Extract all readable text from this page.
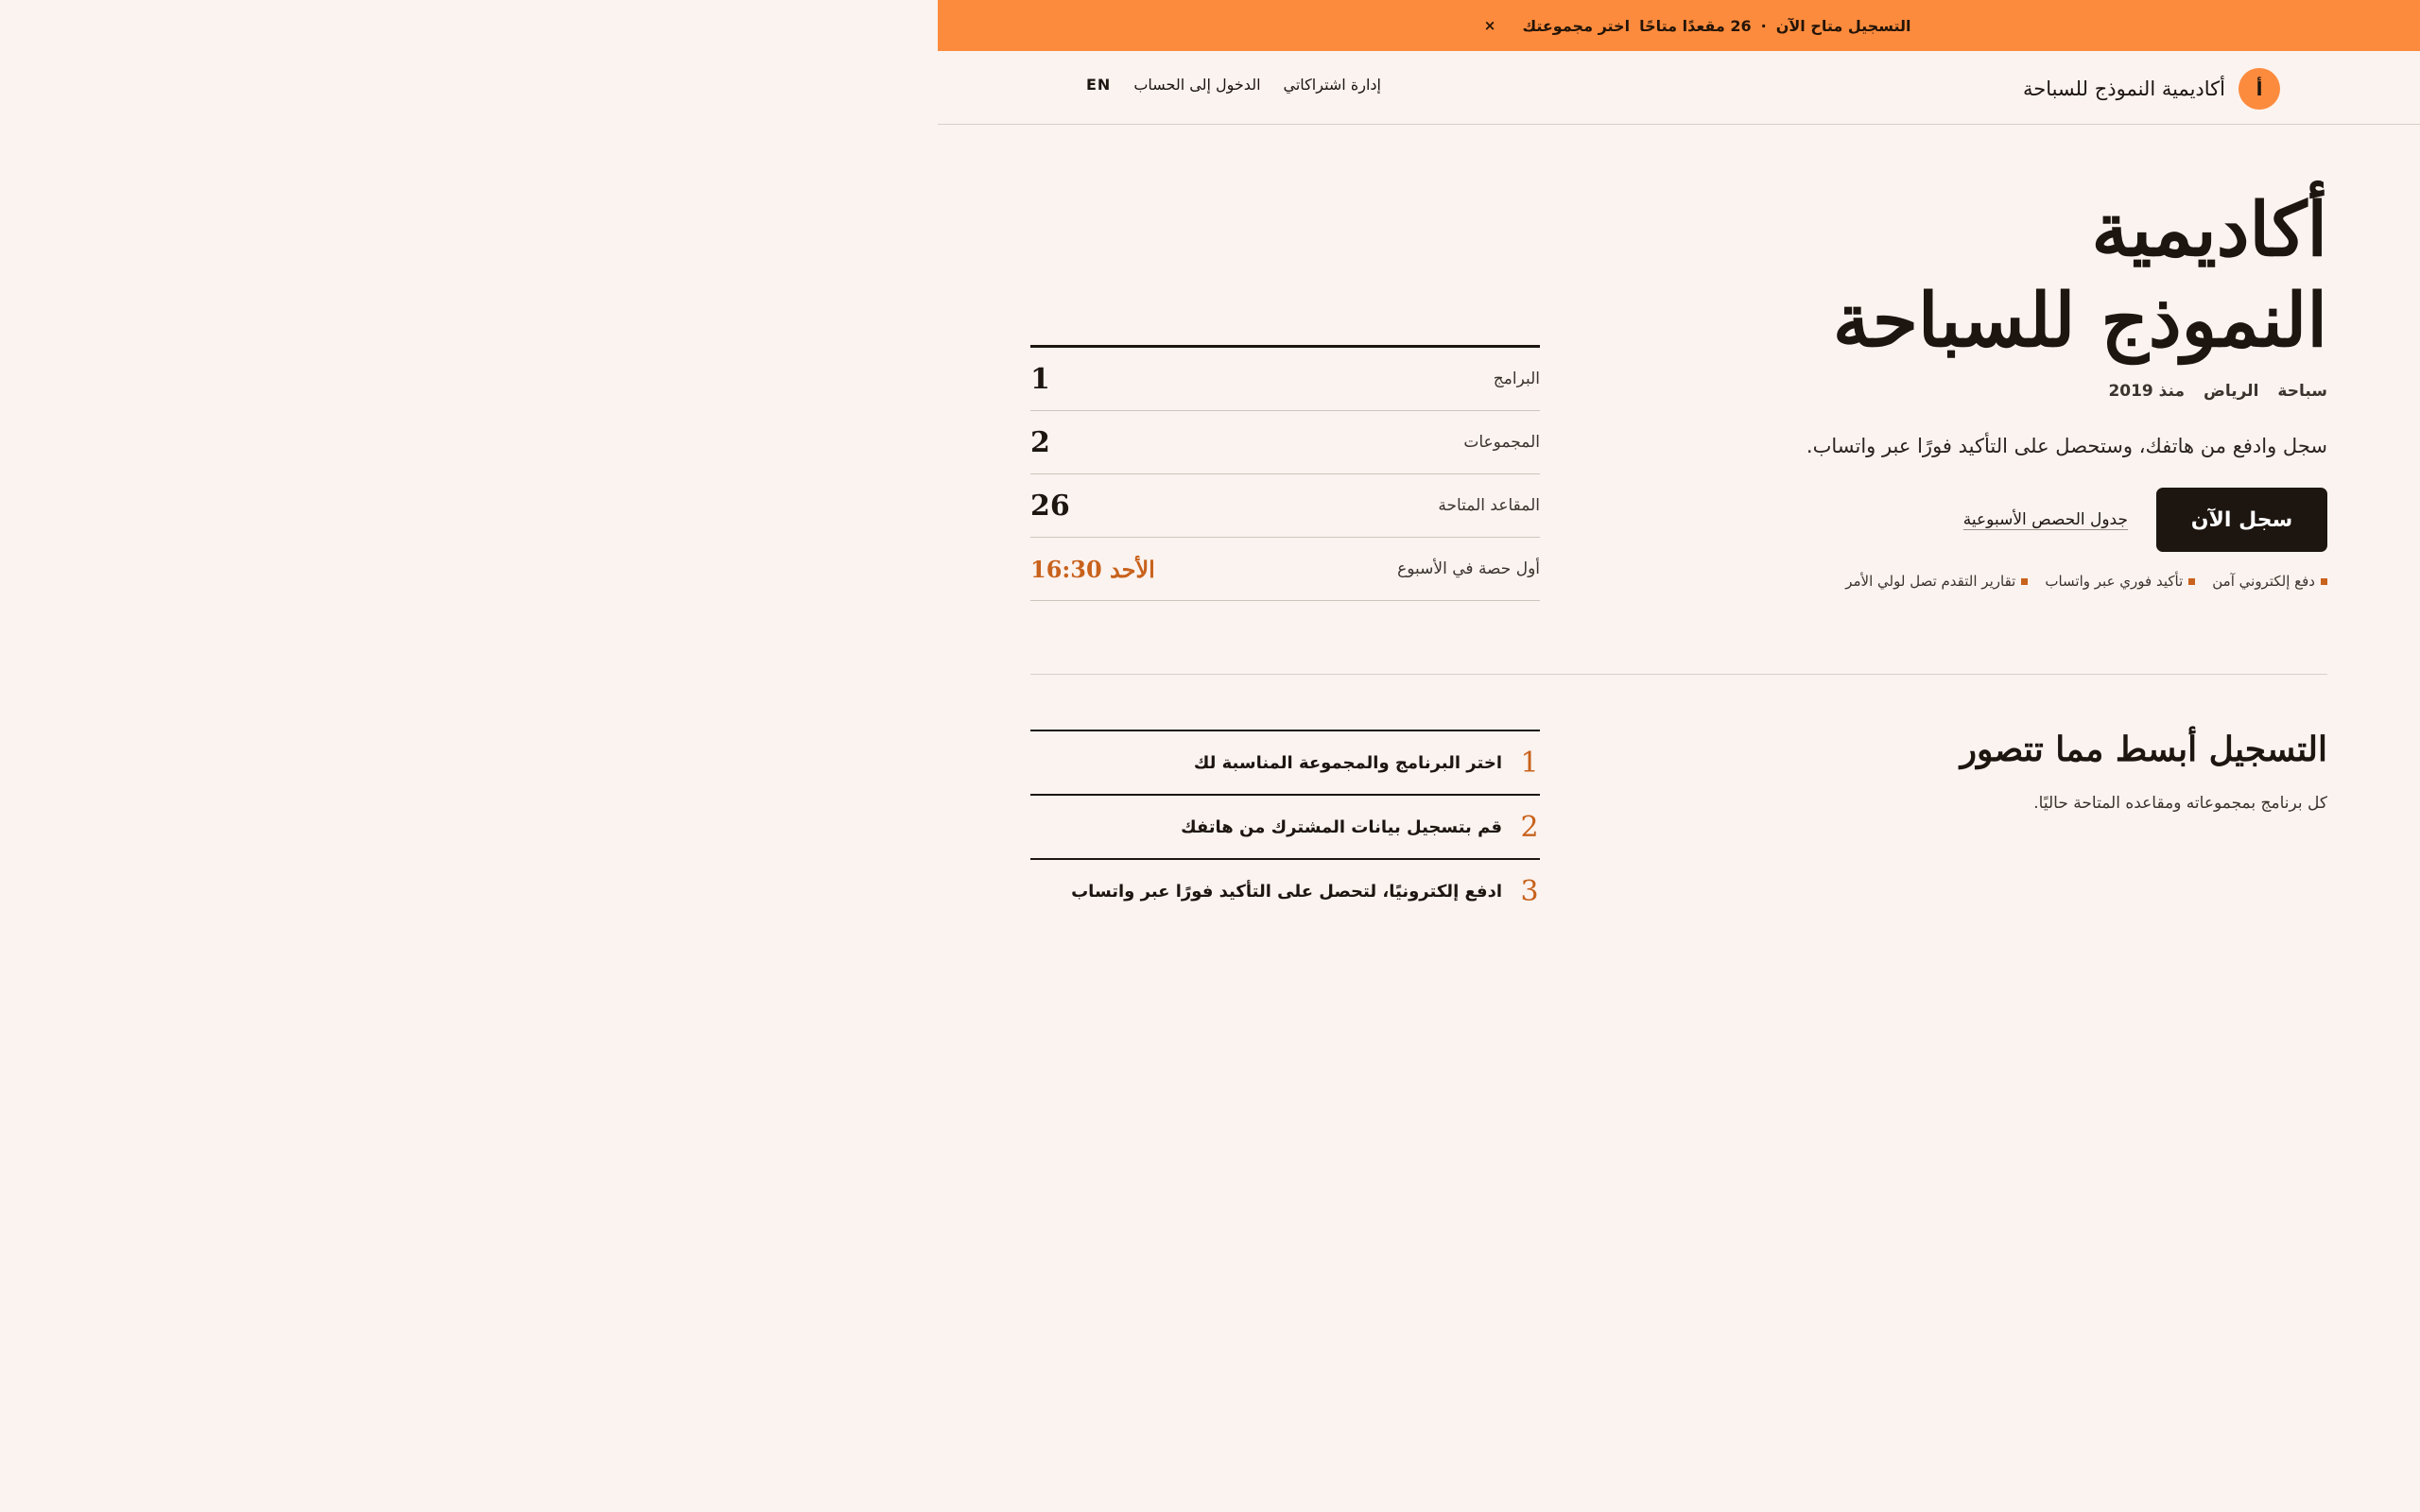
×	التسجيل متاح الآن
·
26 مقعدًا متاحًا
اختر مجموعتك
أ
أكاديمية النموذج للسباحة
EN الدخول إلى الحساب إدارة اشتراكاتي
أكاديمية
النموذج للسباحة
سباحة
الرياض
منذ 2019

سجل وادفع من هاتفك، وستحصل على التأكيد فورًا عبر واتساب.

سجل الآن
جدول الحصص الأسبوعية
دفع إلكتروني آمن
تأكيد فوري عبر واتساب
تقارير التقدم تصل لولي الأمر
البرامج
1
المجموعات
2
المقاعد المتاحة
26
أول حصة في الأسبوع
الأحد 16:30
التسجيل أبسط مما تتصور

كل برنامج بمجموعاته ومقاعده المتاحة حاليًا.

1
اختر البرنامج والمجموعة المناسبة لك
2
قم بتسجيل بيانات المشترك من هاتفك
3
ادفع إلكترونيًا، لتحصل على التأكيد فورًا عبر واتساب
